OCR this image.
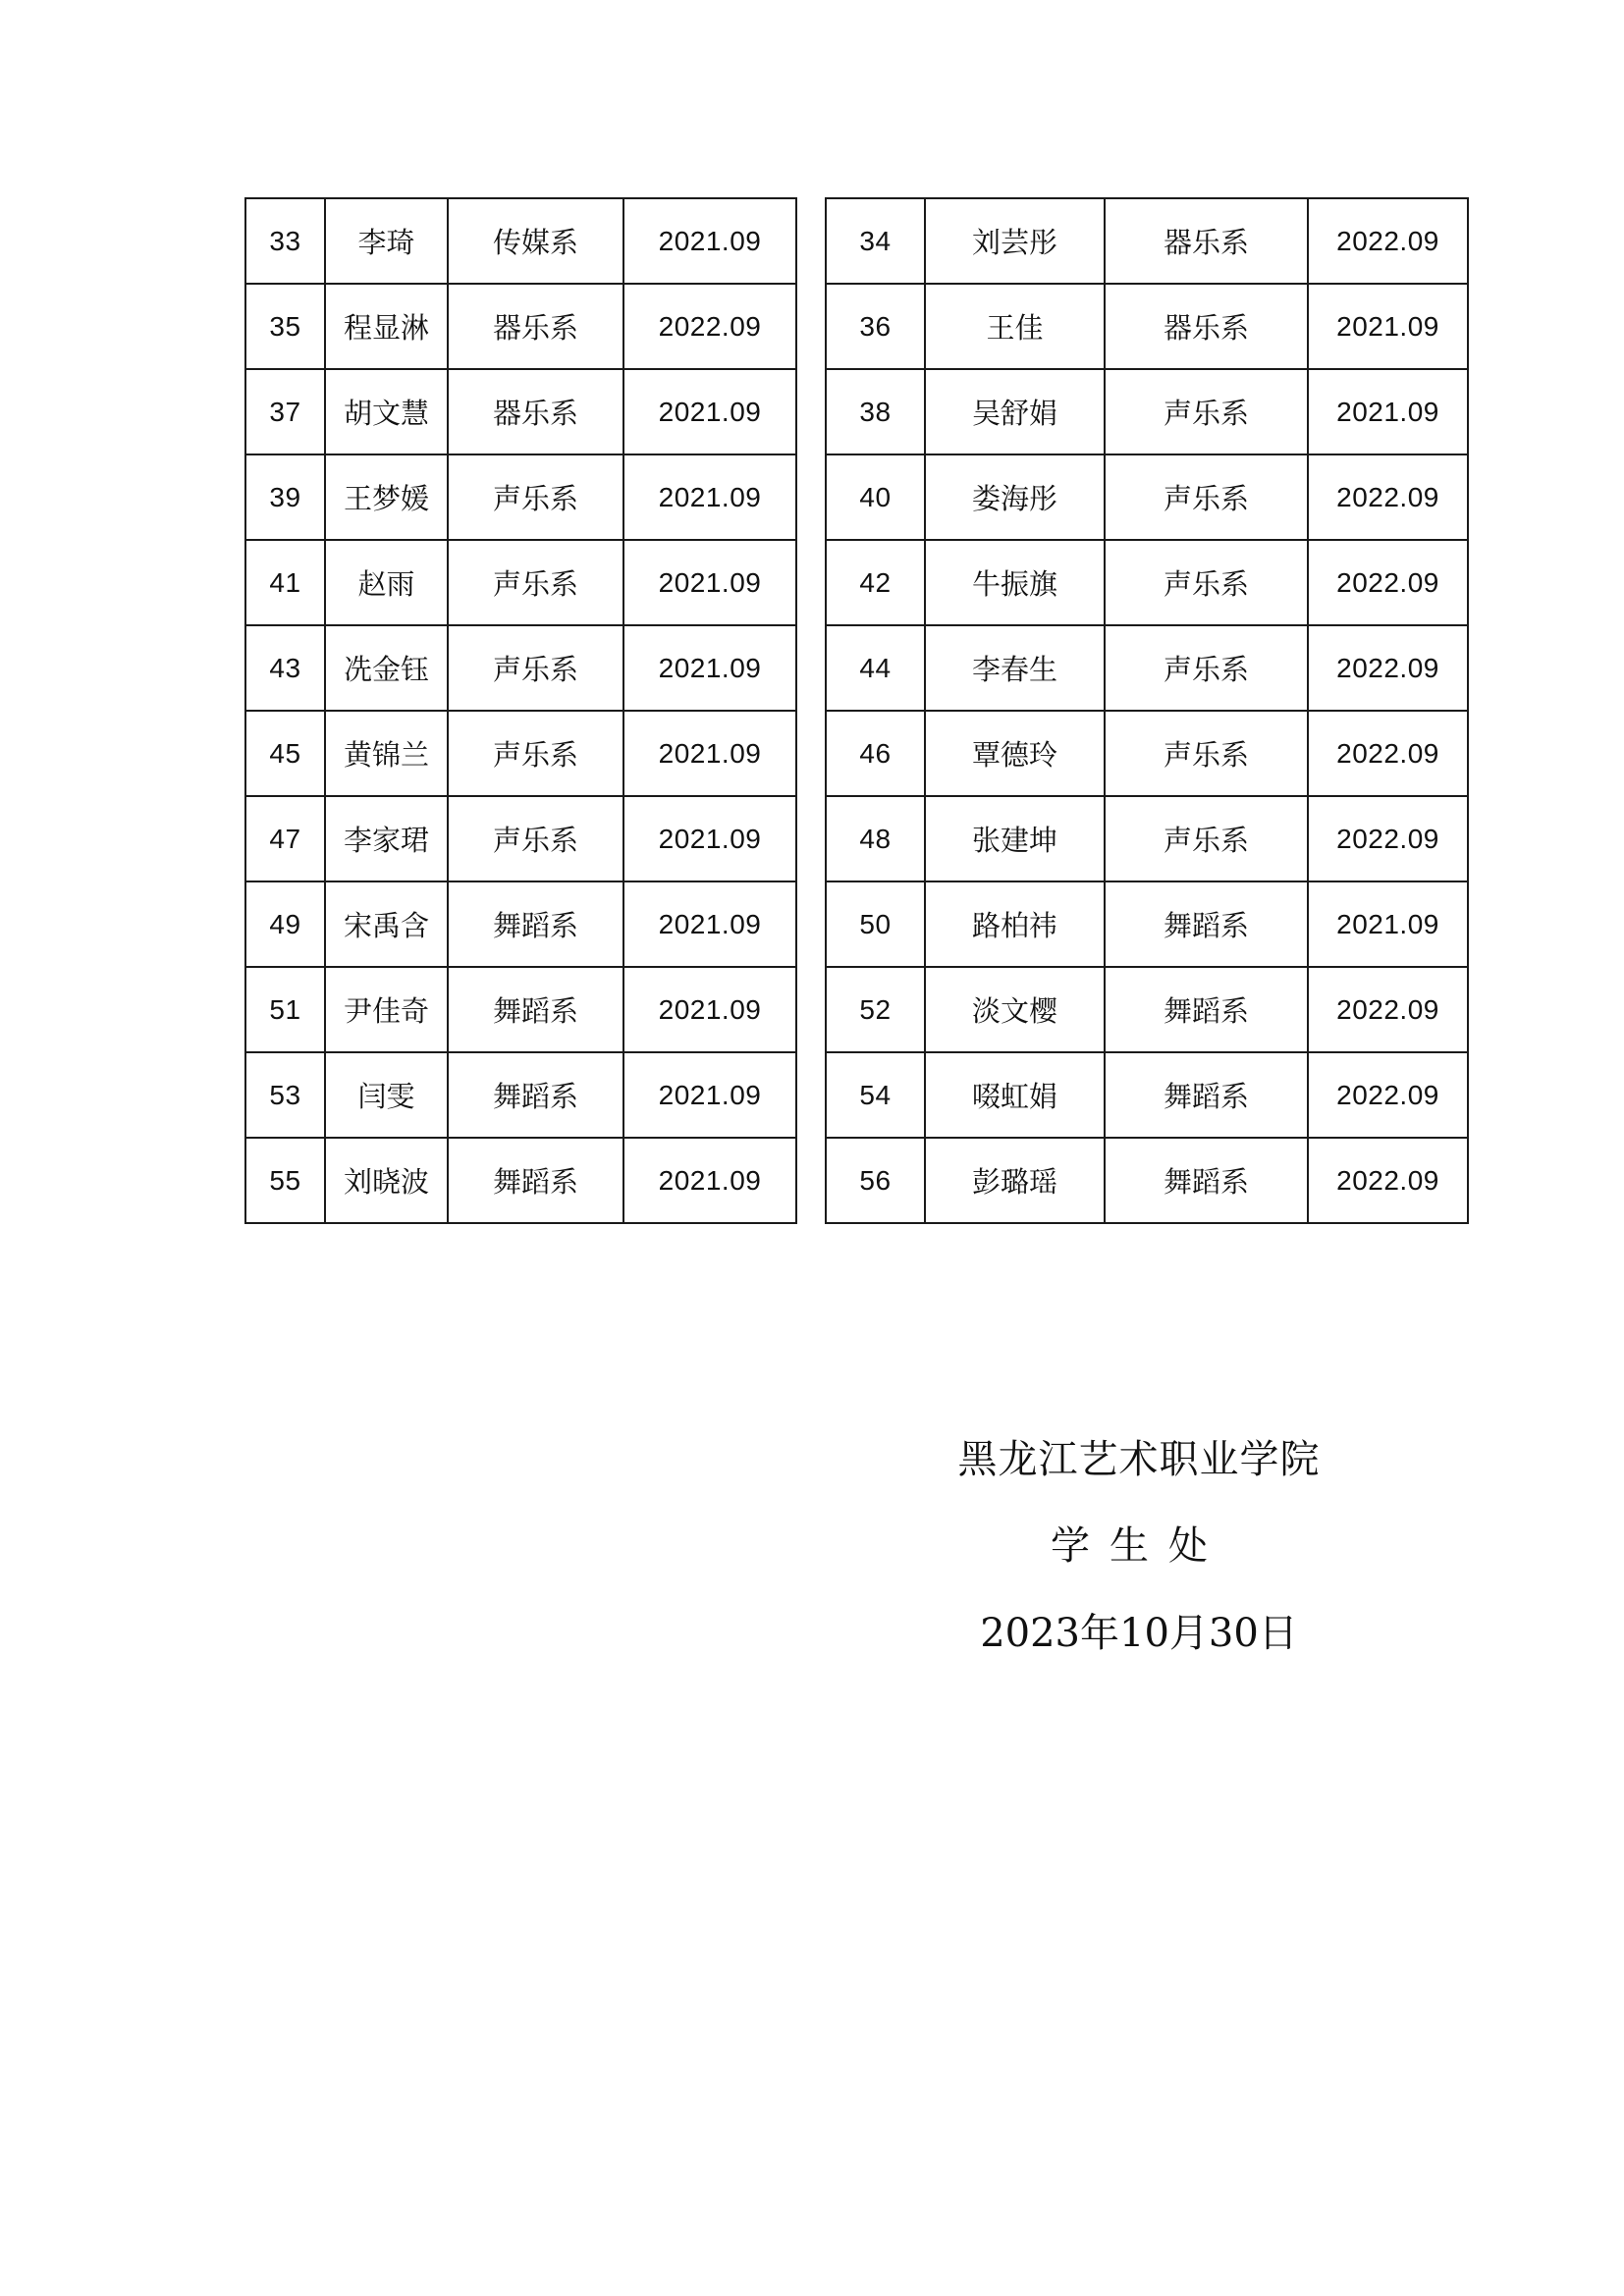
33	李琦	传媒系	2021.09
35	程显淋	器乐系	2022.09
37	胡文慧	器乐系	2021.09
39	王梦媛	声乐系	2021.09
41	赵雨	声乐系	2021.09
43	冼金钰	声乐系	2021.09
45	黄锦兰	声乐系	2021.09
47	李家珺	声乐系	2021.09
49	宋禹含	舞蹈系	2021.09
51	尹佳奇	舞蹈系	2021.09
53	闫雯	舞蹈系	2021.09
55	刘晓波	舞蹈系	2021.09
34	刘芸彤	器乐系	2022.09
36	王佳	器乐系	2021.09
38	吴舒娟	声乐系	2021.09
40	娄海彤	声乐系	2022.09
42	牛振旗	声乐系	2022.09
44	李春生	声乐系	2022.09
46	覃德玲	声乐系	2022.09
48	张建坤	声乐系	2022.09
50	路柏祎	舞蹈系	2021.09
52	淡文樱	舞蹈系	2022.09
54	啜虹娟	舞蹈系	2022.09
56	彭璐瑶	舞蹈系	2022.09
黑龙江艺术职业学院
学生处
2023年10月30日
